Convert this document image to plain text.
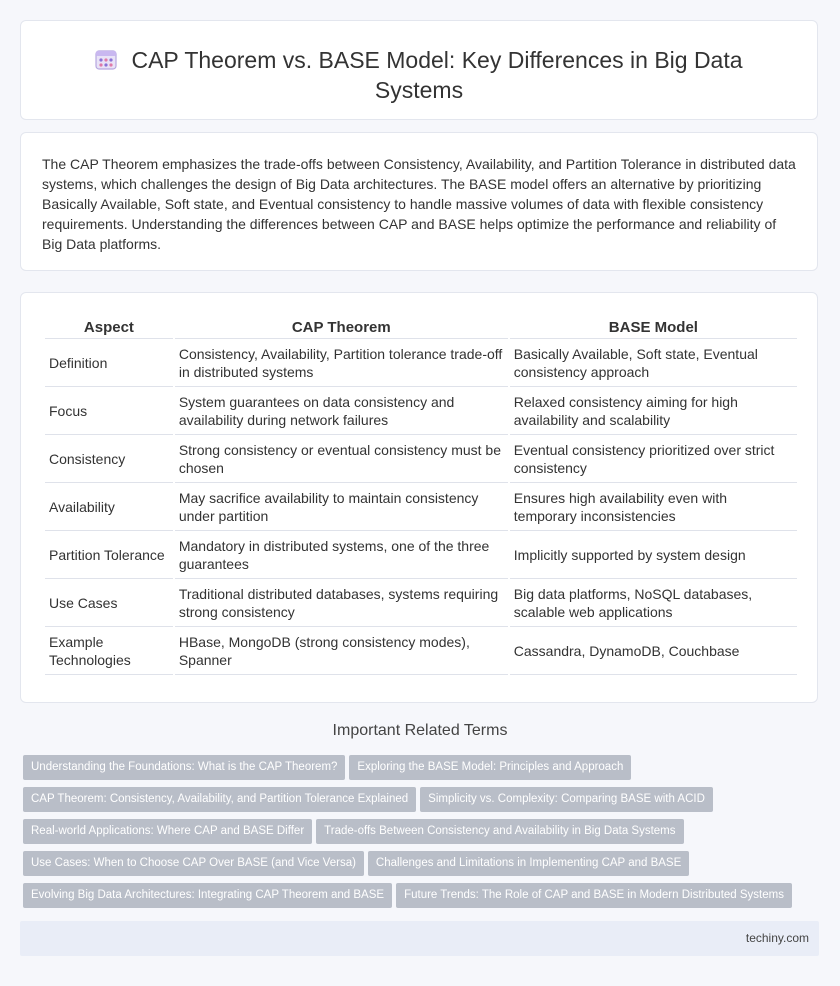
CAP Theorem vs. BASE Model: Key Differences in Big Data Systems

The CAP Theorem emphasizes the trade-offs between Consistency, Availability, and Partition Tolerance in distributed data systems, which challenges the design of Big Data architectures. The BASE model offers an alternative by prioritizing Basically Available, Soft state, and Eventual consistency to handle massive volumes of data with flexible consistency requirements. Understanding the differences between CAP and BASE helps optimize the performance and reliability of Big Data platforms.

Aspect	CAP Theorem	BASE Model
Definition	Consistency, Availability, Partition tolerance trade-off in distributed systems	Basically Available, Soft state, Eventual consistency approach
Focus	System guarantees on data consistency and availability during network failures	Relaxed consistency aiming for high availability and scalability
Consistency	Strong consistency or eventual consistency must be chosen	Eventual consistency prioritized over strict consistency
Availability	May sacrifice availability to maintain consistency under partition	Ensures high availability even with temporary inconsistencies
Partition Tolerance	Mandatory in distributed systems, one of the three guarantees	Implicitly supported by system design
Use Cases	Traditional distributed databases, systems requiring strong consistency	Big data platforms, NoSQL databases, scalable web applications
Example Technologies	HBase, MongoDB (strong consistency modes), Spanner	Cassandra, DynamoDB, Couchbase
Important Related Terms
Understanding the Foundations: What is the CAP Theorem? Exploring the BASE Model: Principles and Approach
CAP Theorem: Consistency, Availability, and Partition Tolerance Explained Simplicity vs. Complexity: Comparing BASE with ACID
Real-world Applications: Where CAP and BASE Differ Trade-offs Between Consistency and Availability in Big Data Systems
Use Cases: When to Choose CAP Over BASE (and Vice Versa) Challenges and Limitations in Implementing CAP and BASE
Evolving Big Data Architectures: Integrating CAP Theorem and BASE Future Trends: The Role of CAP and BASE in Modern Distributed Systems
techiny.com
